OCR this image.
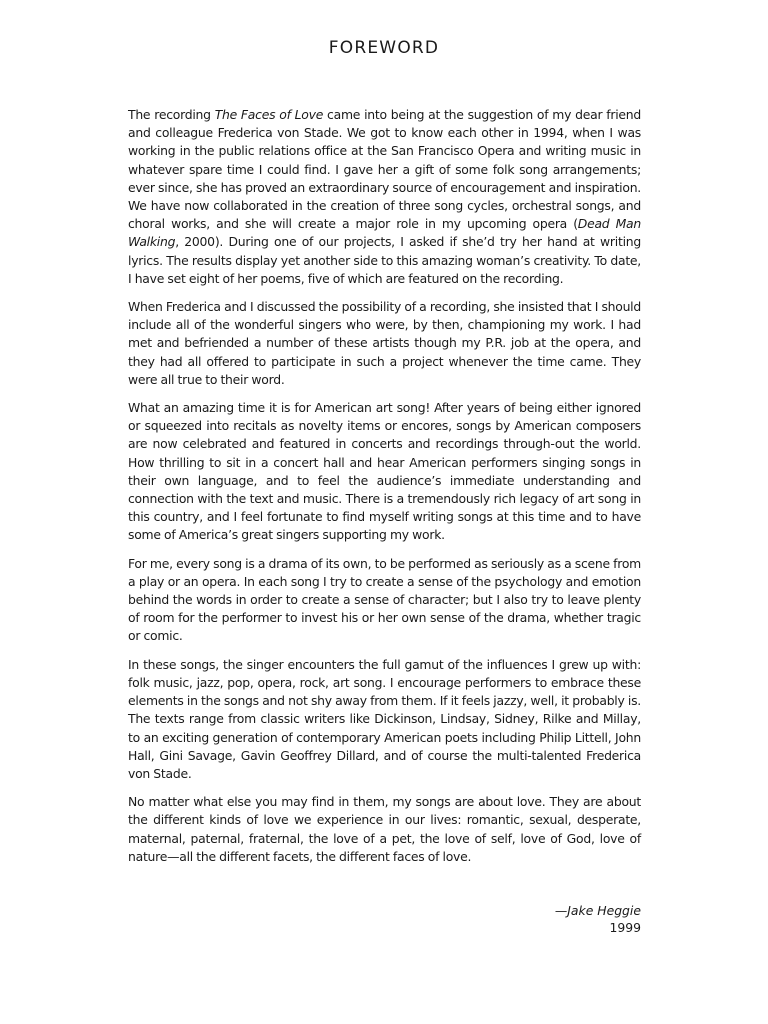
FOREWORD

The recording The Faces of Love came into being at the suggestion of my dear friend and colleague Frederica von Stade. We got to know each other in 1994, when I was working in the public relations office at the San Francisco Opera and writing music in whatever spare time I could find. I gave her a gift of some folk song arrangements; ever since, she has proved an extraordinary source of encouragement and inspiration. We have now collaborated in the creation of three song cycles, orchestral songs, and choral works, and she will create a major role in my upcoming opera (Dead Man Walking, 2000). During one of our projects, I asked if she’d try her hand at writing lyrics. The results display yet another side to this amazing woman’s creativity. To date, I have set eight of her poems, five of which are featured on the recording.

When Frederica and I discussed the possibility of a recording, she insisted that I should include all of the wonderful singers who were, by then, championing my work. I had met and befriended a number of these artists though my P.R. job at the opera, and they had all offered to participate in such a project whenever the time came. They were all true to their word.

What an amazing time it is for American art song! After years of being either ignored or squeezed into recitals as novelty items or encores, songs by American composers are now celebrated and featured in concerts and recordings through-out the world. How thrilling to sit in a concert hall and hear American performers singing songs in their own language, and to feel the audience’s immediate understanding and connection with the text and music. There is a tremendously rich legacy of art song in this country, and I feel fortunate to find myself writing songs at this time and to have some of America’s great singers supporting my work.

For me, every song is a drama of its own, to be performed as seriously as a scene from a play or an opera. In each song I try to create a sense of the psychology and emotion behind the words in order to create a sense of character; but I also try to leave plenty of room for the performer to invest his or her own sense of the drama, whether tragic or comic.

In these songs, the singer encounters the full gamut of the influences I grew up with: folk music, jazz, pop, opera, rock, art song. I encourage performers to embrace these elements in the songs and not shy away from them. If it feels jazzy, well, it probably is. The texts range from classic writers like Dickinson, Lindsay, Sidney, Rilke and Millay, to an exciting generation of contemporary American poets including Philip Littell, John Hall, Gini Savage, Gavin Geoffrey Dillard, and of course the multi-talented Frederica von Stade.

No matter what else you may find in them, my songs are about love. They are about the different kinds of love we experience in our lives: romantic, sexual, desperate, maternal, paternal, fraternal, the love of a pet, the love of self, love of God, love of nature—all the different facets, the different faces of love.

—Jake Heggie
1999
